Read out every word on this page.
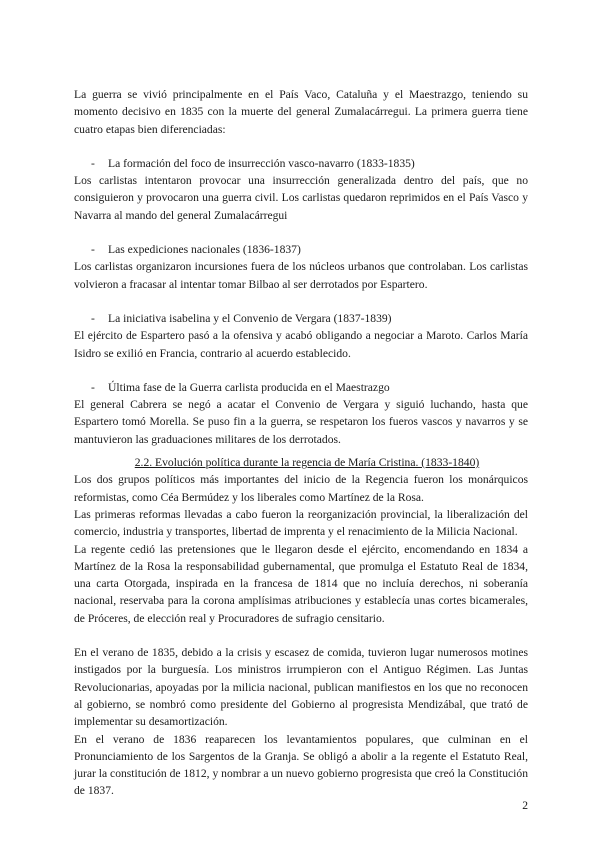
La guerra se vivió principalmente en el País Vaco, Cataluña y el Maestrazgo, teniendo su momento decisivo en 1835 con la muerte del general Zumalacárregui. La primera guerra tiene cuatro etapas bien diferenciadas:

- La formación del foco de insurrección vasco-navarro (1833-1835)

Los carlistas intentaron provocar una insurrección generalizada dentro del país, que no consiguieron y provocaron una guerra civil. Los carlistas quedaron reprimidos en el País Vasco y Navarra al mando del general Zumalacárregui

- Las expediciones nacionales (1836-1837)

Los carlistas organizaron incursiones fuera de los núcleos urbanos que controlaban. Los carlistas volvieron a fracasar al intentar tomar Bilbao al ser derrotados por Espartero.

- La iniciativa isabelina y el Convenio de Vergara (1837-1839)

El ejército de Espartero pasó a la ofensiva y acabó obligando a negociar a Maroto. Carlos María Isidro se exilió en Francia, contrario al acuerdo establecido.

- Última fase de la Guerra carlista producida en el Maestrazgo

El general Cabrera se negó a acatar el Convenio de Vergara y siguió luchando, hasta que Espartero tomó Morella. Se puso fin a la guerra, se respetaron los fueros vascos y navarros y se mantuvieron las graduaciones militares de los derrotados.

2.2. Evolución política durante la regencia de María Cristina. (1833-1840)

Los dos grupos políticos más importantes del inicio de la Regencia fueron los monárquicos reformistas, como Céa Bermúdez y los liberales como Martínez de la Rosa.

Las primeras reformas llevadas a cabo fueron la reorganización provincial, la liberalización del comercio, industria y transportes, libertad de imprenta y el renacimiento de la Milicia Nacional.

La regente cedió las pretensiones que le llegaron desde el ejército, encomendando en 1834 a Martínez de la Rosa la responsabilidad gubernamental, que promulga el Estatuto Real de 1834, una carta Otorgada, inspirada en la francesa de 1814 que no incluía derechos, ni soberanía nacional, reservaba para la corona amplísimas atribuciones y establecía unas cortes bicamerales, de Próceres, de elección real y Procuradores de sufragio censitario.

En el verano de 1835, debido a la crisis y escasez de comida, tuvieron lugar numerosos motines instigados por la burguesía. Los ministros irrumpieron con el Antiguo Régimen. Las Juntas Revolucionarias, apoyadas por la milicia nacional, publican manifiestos en los que no reconocen al gobierno, se nombró como presidente del Gobierno al progresista Mendizábal, que trató de implementar su desamortización.

En el verano de 1836 reaparecen los levantamientos populares, que culminan en el Pronunciamiento de los Sargentos de la Granja. Se obligó a abolir a la regente el Estatuto Real, jurar la constitución de 1812, y nombrar a un nuevo gobierno progresista que creó la Constitución de 1837.

2
